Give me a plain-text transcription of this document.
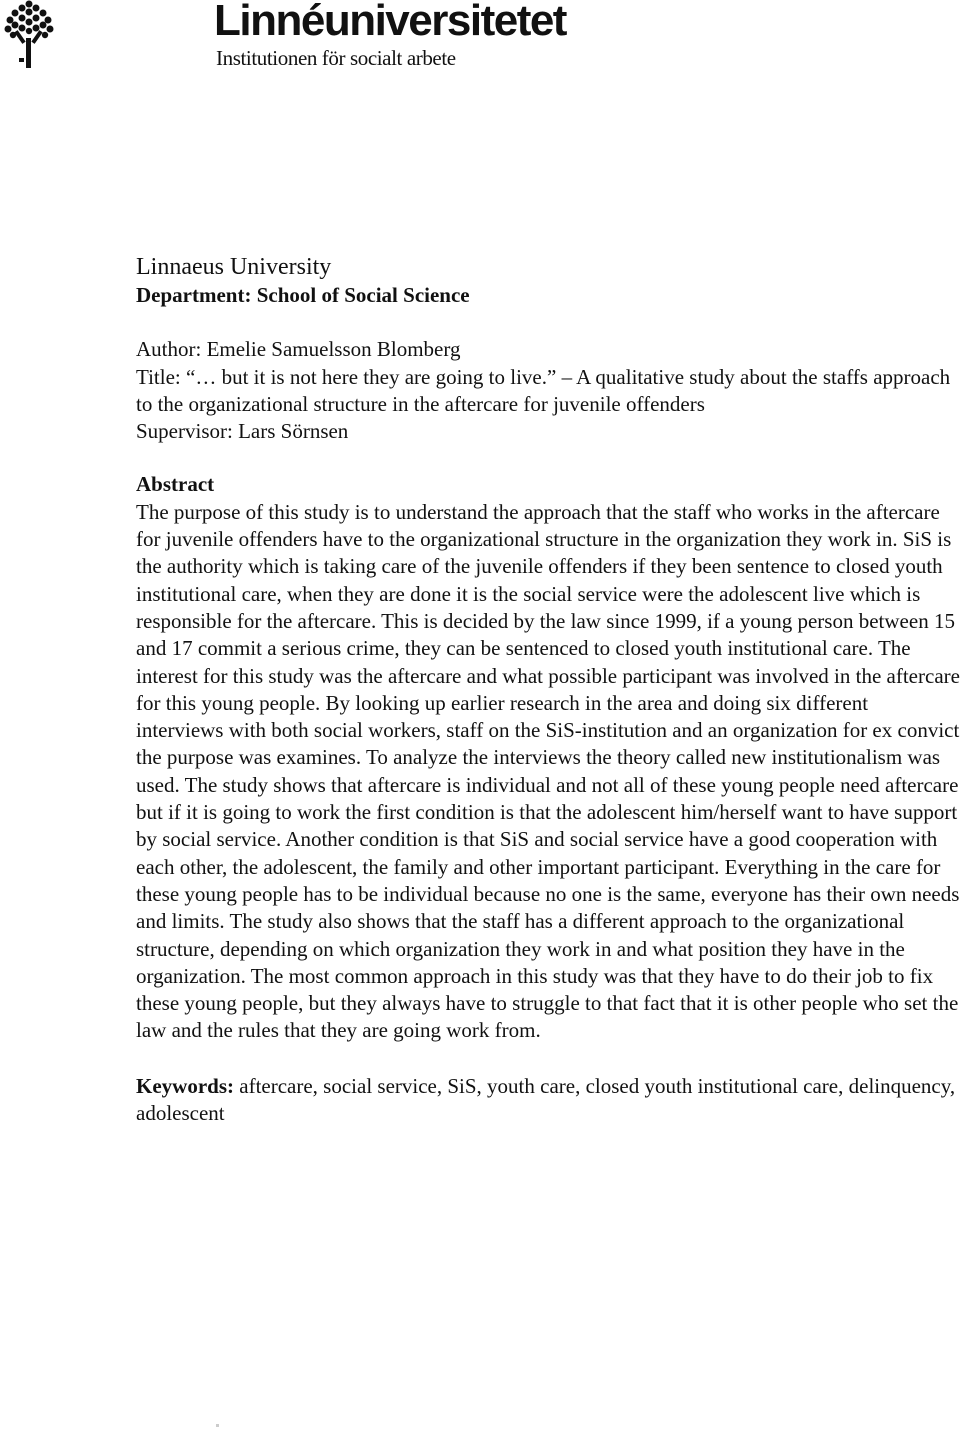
Linnéuniversitetet
Institutionen för socialt arbete

Linnaeus University

Department: School of Social Science

Author: Emelie Samuelsson Blomberg

Title: “… but it is not here they are going to live.” – A qualitative study about the staffs approach to the organizational structure in the aftercare for juvenile offenders

Supervisor: Lars Sörnsen

Abstract

The purpose of this study is to understand the approach that the staff who works in the aftercare for juvenile offenders have to the organizational structure in the organization they work in. SiS is the authority which is taking care of the juvenile offenders if they been sentence to closed youth institutional care, when they are done it is the social service were the adolescent live which is responsible for the aftercare. This is decided by the law since 1999, if a young person between 15 and 17 commit a serious crime, they can be sentenced to closed youth institutional care. The interest for this study was the aftercare and what possible participant was involved in the aftercare for this young people. By looking up earlier research in the area and doing six different interviews with both social workers, staff on the SiS-institution and an organization for ex convict the purpose was examines. To analyze the interviews the theory called new institutionalism was used. The study shows that aftercare is individual and not all of these young people need aftercare but if it is going to work the first condition is that the adolescent him/herself want to have support by social service. Another condition is that SiS and social service have a good cooperation with each other, the adolescent, the family and other important participant. Everything in the care for these young people has to be individual because no one is the same, everyone has their own needs and limits. The study also shows that the staff has a different approach to the organizational structure, depending on which organization they work in and what position they have in the organization. The most common approach in this study was that they have to do their job to fix these young people, but they always have to struggle to that fact that it is other people who set the law and the rules that they are going work from.

Keywords: aftercare, social service, SiS, youth care, closed youth institutional care, delinquency, adolescent
